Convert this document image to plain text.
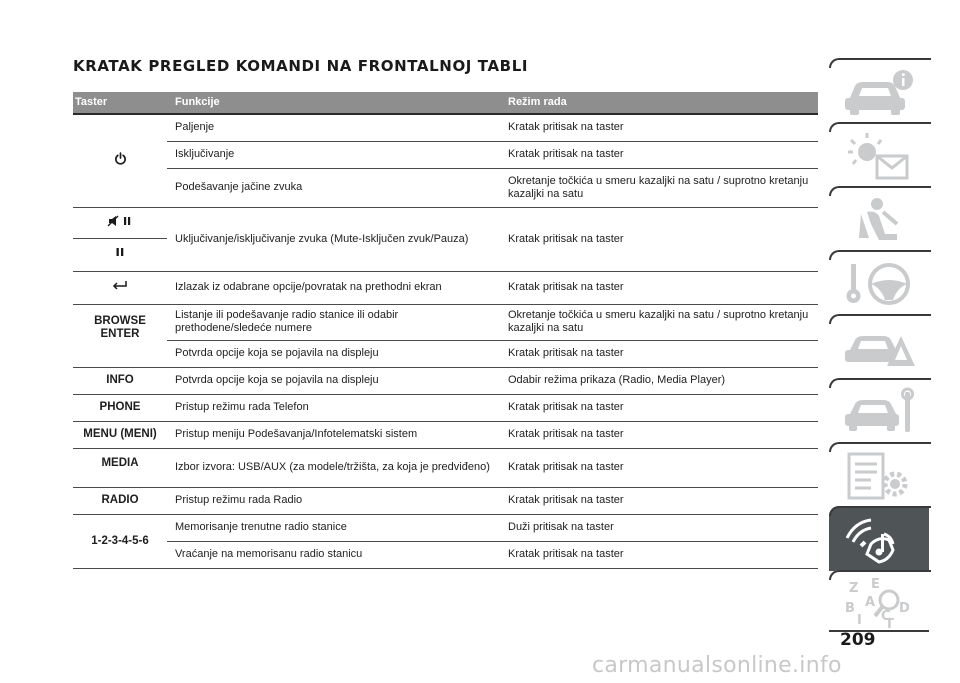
KRATAK PREGLED KOMANDI NA FRONTALNOJ TABLI
Taster	Funkcije	Režim rada
	Paljenje	Kratak pritisak na taster
	Isključivanje	Kratak pritisak na taster
	Podešavanje jačine zvuka	Okretanje točkića u smeru kazaljki na satu / suprotno kretanju kazaljki na satu
	Uključivanje/isključivanje zvuka (Mute-Isključen zvuk/Pauza)	Kratak pritisak na taster

	Izlazak iz odabrane opcije/povratak na prethodni ekran	Kratak pritisak na taster

BROWSE ENTER	Listanje ili podešavanje radio stanice ili odabir prethodene/sledeće numere	Okretanje točkića u smeru kazaljki na satu / suprotno kretanju kazaljki na satu
	Potvrda opcije koja se pojavila na displeju	Kratak pritisak na taster
INFO	Potvrda opcije koja se pojavila na displeju	Odabir režima prikaza (Radio, Media Player)
PHONE	Pristup režimu rada Telefon	Kratak pritisak na taster
MENU (MENI)	Pristup meniju Podešavanja/Infotelematski sistem	Kratak pritisak na taster
MEDIA	Izbor izvora: USB/AUX (za modele/tržišta, za koja je predviđeno)	Kratak pritisak na taster
RADIO	Pristup režimu rada Radio	Kratak pritisak na taster
1-2-3-4-5-6	Memorisanje trenutne radio stanice	Duži pritisak na taster
	Vraćanje na memorisanu radio stanicu	Kratak pritisak na taster
Z E
B A
I C
D
T
209
carmanualsonline.info
